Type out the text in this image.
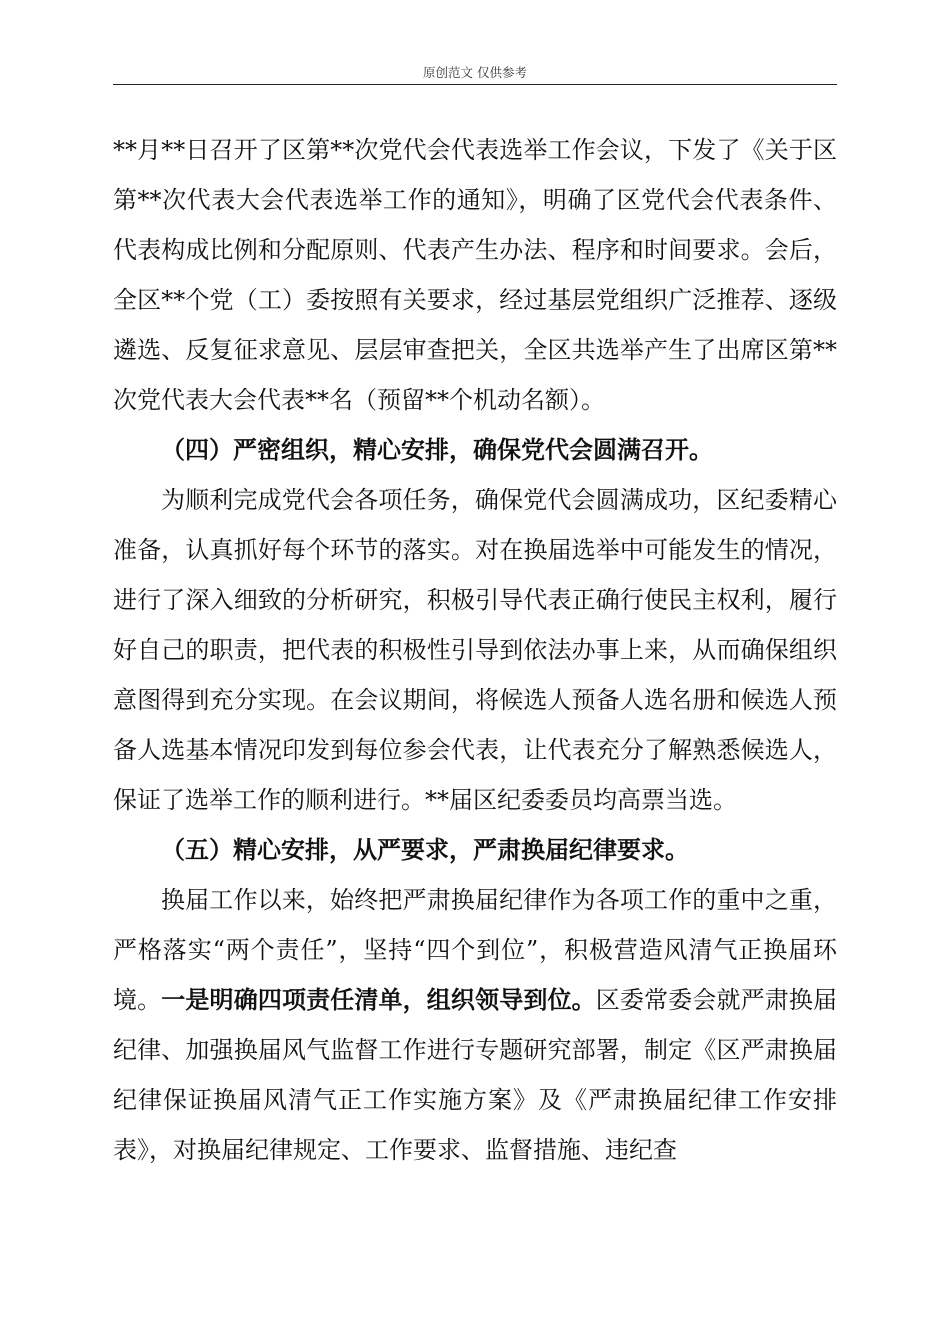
原创范文 仅供参考

**月**日召开了区第**次党代会代表选举工作会议，下发了《关于区第**次代表大会代表选举工作的通知》，明确了区党代会代表条件、代表构成比例和分配原则、代表产生办法、程序和时间要求。会后，全区**个党（工）委按照有关要求，经过基层党组织广泛推荐、逐级遴选、反复征求意见、层层审查把关，全区共选举产生了出席区第**次党代表大会代表**名（预留**个机动名额）。

（四）严密组织，精心安排，确保党代会圆满召开。

为顺利完成党代会各项任务，确保党代会圆满成功，区纪委精心准备，认真抓好每个环节的落实。对在换届选举中可能发生的情况，进行了深入细致的分析研究，积极引导代表正确行使民主权利，履行好自己的职责，把代表的积极性引导到依法办事上来，从而确保组织意图得到充分实现。在会议期间，将候选人预备人选名册和候选人预备人选基本情况印发到每位参会代表，让代表充分了解熟悉候选人，保证了选举工作的顺利进行。**届区纪委委员均高票当选。

（五）精心安排，从严要求，严肃换届纪律要求。

换届工作以来，始终把严肃换届纪律作为各项工作的重中之重，严格落实“两个责任”，坚持“四个到位”，积极营造风清气正换届环境。一是明确四项责任清单，组织领导到位。区委常委会就严肃换届纪律、加强换届风气监督工作进行专题研究部署，制定《区严肃换届纪律保证换届风清气正工作实施方案》及《严肃换届纪律工作安排表》，对换届纪律规定、工作要求、监督措施、违纪查
